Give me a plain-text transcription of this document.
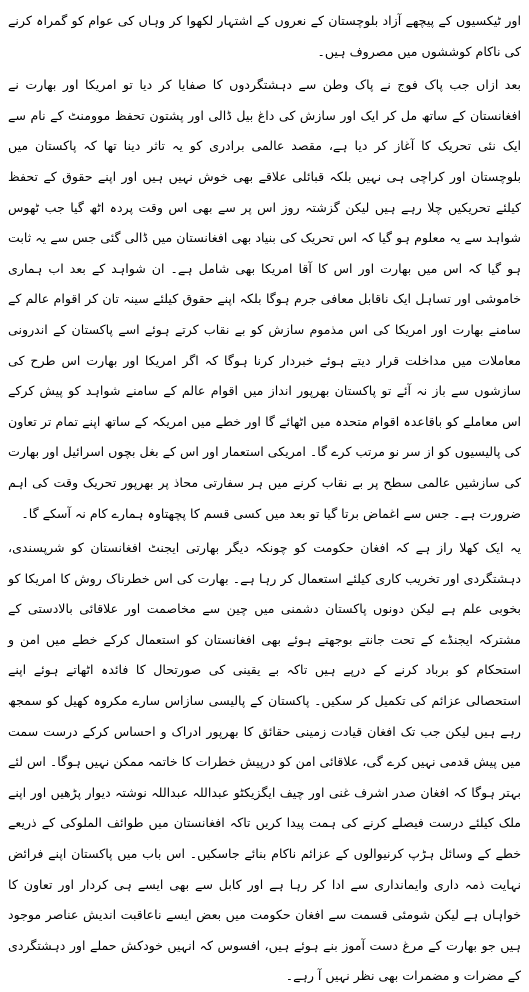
اور ٹیکسیوں کے پیچھے آزاد بلوچستان کے نعروں کے اشتہار لکھوا کر وہاں کی عوام کو گمراہ کرنے کی ناکام کوششوں میں مصروف ہیں۔

بعد ازاں جب پاک فوج نے پاک وطن سے دہشتگردوں کا صفایا کر دیا تو امریکا اور بھارت نے افغانستان کے ساتھ مل کر ایک اور سازش کی داغ بیل ڈالی اور پشتون تحفظ موومنٹ کے نام سے ایک نئی تحریک کا آغاز کر دیا ہے، مقصد عالمی برادری کو یہ تاثر دینا تھا کہ پاکستان میں بلوچستان اور کراچی ہی نہیں بلکہ قبائلی علاقے بھی خوش نہیں ہیں اور اپنے حقوق کے تحفظ کیلئے تحریکیں چلا رہے ہیں لیکن گزشتہ روز اس پر سے بھی اس وقت پردہ اٹھ گیا جب ٹھوس شواہد سے یہ معلوم ہو گیا کہ اس تحریک کی بنیاد بھی افغانستان میں ڈالی گئی جس سے یہ ثابت ہو گیا کہ اس میں بھارت اور اس کا آقا امریکا بھی شامل ہے۔ ان شواہد کے بعد اب ہماری خاموشی اور تساہل ایک ناقابل معافی جرم ہوگا بلکہ اپنے حقوق کیلئے سینہ تان کر اقوام عالم کے سامنے بھارت اور امریکا کی اس مذموم سازش کو بے نقاب کرتے ہوئے اسے پاکستان کے اندرونی معاملات میں مداخلت قرار دیتے ہوئے خبردار کرنا ہوگا کہ اگر امریکا اور بھارت اس طرح کی سازشوں سے باز نہ آئے تو پاکستان بھرپور انداز میں اقوام عالم کے سامنے شواہد کو پیش کرکے اس معاملے کو باقاعدہ اقوام متحدہ میں اٹھائے گا اور خطے میں امریکہ کے ساتھ اپنے تمام تر تعاون کی پالیسیوں کو از سر نو مرتب کرے گا۔ امریکی استعمار اور اس کے بغل بچوں اسرائیل اور بھارت کی سازشیں عالمی سطح پر بے نقاب کرنے میں ہر سفارتی محاذ پر بھرپور تحریک وقت کی اہم ضرورت ہے۔ جس سے اغماض برتا گیا تو بعد میں کسی قسم کا پچھتاوہ ہمارے کام نہ آسکے گا۔

یہ ایک کھلا راز ہے کہ افغان حکومت کو چونکہ دیگر بھارتی ایجنٹ افغانستان کو شرپسندی، دہشتگردی اور تخریب کاری کیلئے استعمال کر رہا ہے۔ بھارت کی اس خطرناک روش کا امریکا کو بخوبی علم ہے لیکن دونوں پاکستان دشمنی میں چین سے مخاصمت اور علاقائی بالادستی کے مشترکہ ایجنڈے کے تحت جانتے بوجھتے ہوئے بھی افغانستان کو استعمال کرکے خطے میں امن و استحکام کو برباد کرنے کے درپے ہیں تاکہ بے یقینی کی صورتحال کا فائدہ اٹھاتے ہوئے اپنے استحصالی عزائم کی تکمیل کر سکیں۔ پاکستان کے پالیسی سازاس سارے مکروہ کھیل کو سمجھ رہے ہیں لیکن جب تک افغان قیادت زمینی حقائق کا بھرپور ادراک و احساس کرکے درست سمت میں پیش قدمی نہیں کرے گی، علاقائی امن کو درپیش خطرات کا خاتمہ ممکن نہیں ہوگا۔ اس لئے بہتر ہوگا کہ افغان صدر اشرف غنی اور چیف ایگزیکٹو عبداللہ عبداللہ نوشتہ دیوار پڑھیں اور اپنے ملک کیلئے درست فیصلے کرنے کی ہمت پیدا کریں تاکہ افغانستان میں طوائف الملوکی کے ذریعے خطے کے وسائل ہڑپ کرنیوالوں کے عزائم ناکام بنائے جاسکیں۔ اس باب میں پاکستان اپنے فرائض نہایت ذمہ داری وایمانداری سے ادا کر رہا ہے اور کابل سے بھی ایسے ہی کردار اور تعاون کا خواہاں ہے لیکن شومئی قسمت سے افغان حکومت میں بعض ایسے ناعاقبت اندیش عناصر موجود ہیں جو بھارت کے مرغ دست آموز بنے ہوئے ہیں، افسوس کہ انہیں خودکش حملے اور دہشتگردی کے مضرات و مضمرات بھی نظر نہیں آ رہے۔
